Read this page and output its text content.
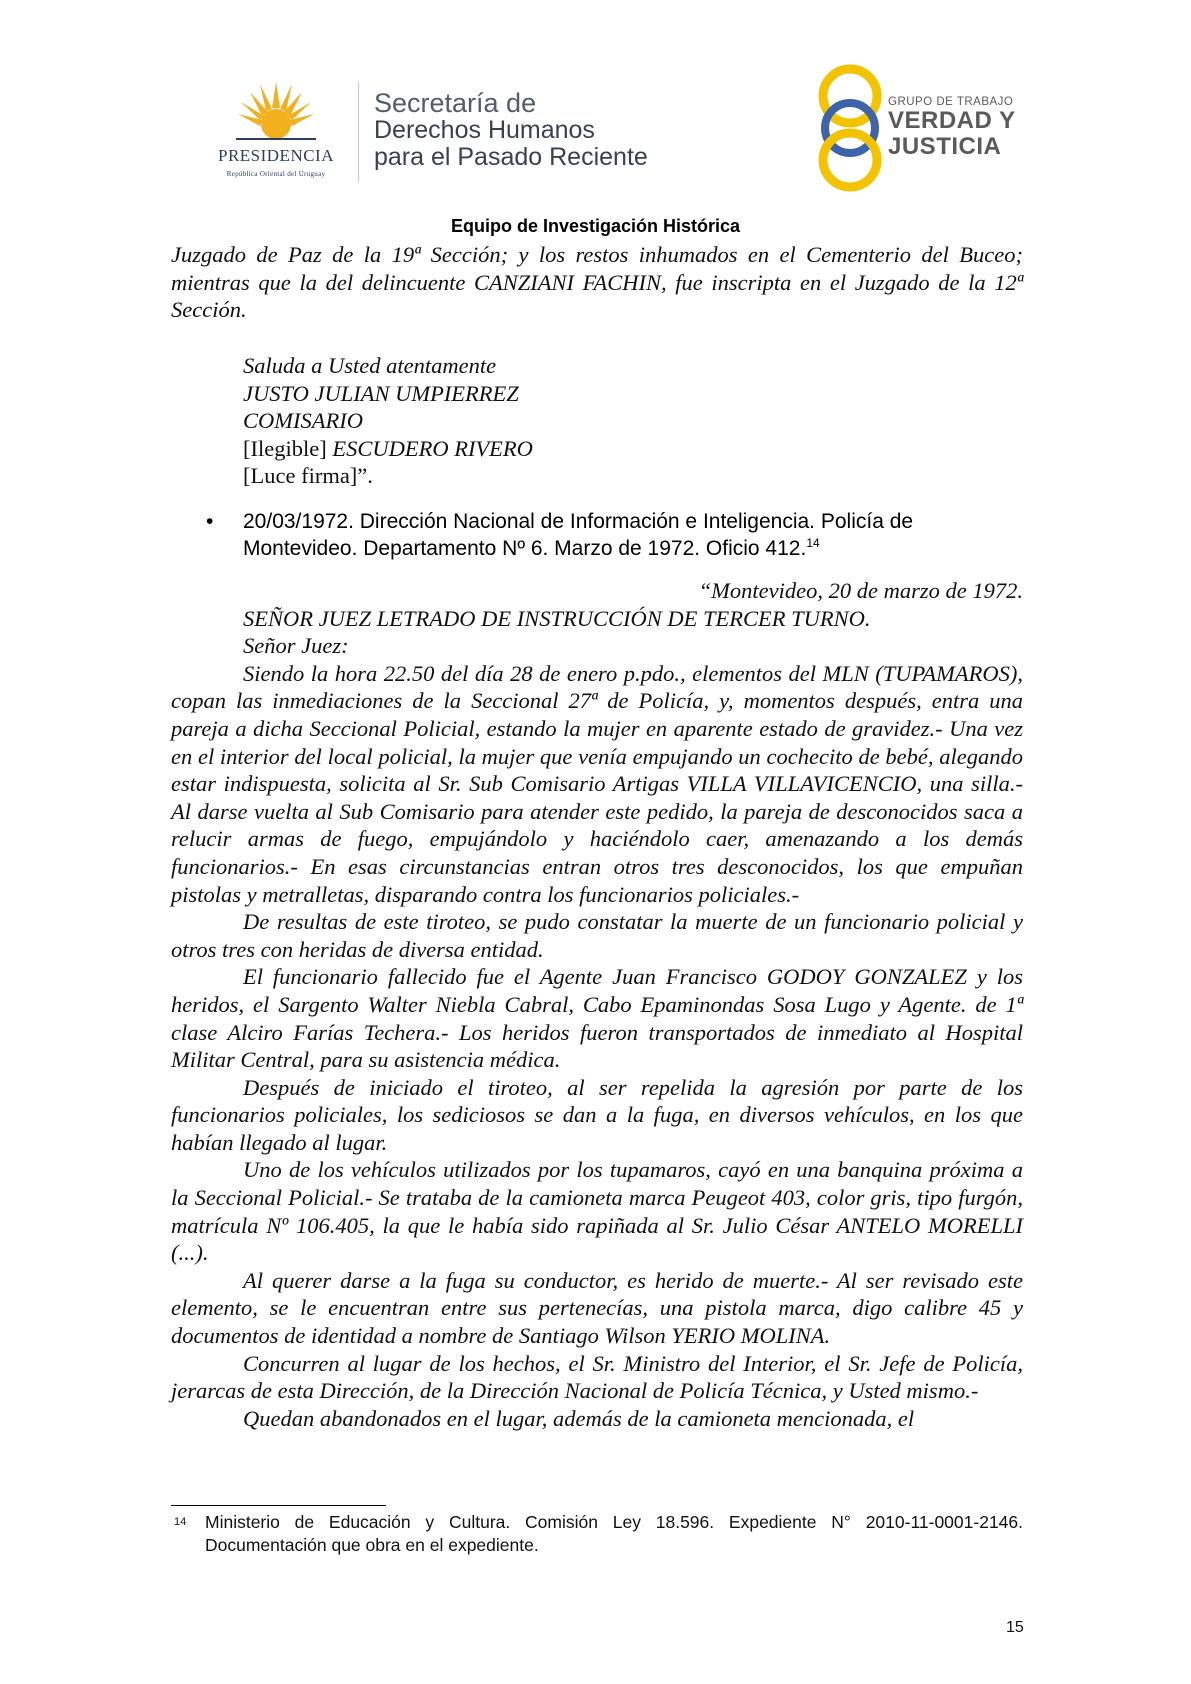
PRESIDENCIA
República Oriental del Uruguay
Secretaría de
Derechos Humanos
para el Pasado Reciente
GRUPO DE TRABAJO
VERDAD Y
JUSTICIA
Equipo de Investigación Histórica

Juzgado de Paz de la 19ª Sección; y los restos inhumados en el Cementerio del Buceo; mientras que la del delincuente CANZIANI FACHIN, fue inscripta en el Juzgado de la 12ª Sección.

Saluda a Usted atentamente
JUSTO JULIAN UMPIERREZ
COMISARIO
[Ilegible] ESCUDERO RIVERO
[Luce firma]”.
• 20/03/1972. Dirección Nacional de Información e Inteligencia. Policía de Montevideo. Departamento Nº 6. Marzo de 1972. Oficio 412.14

“Montevideo, 20 de marzo de 1972.

SEÑOR JUEZ LETRADO DE INSTRUCCIÓN DE TERCER TURNO.

Señor Juez:

Siendo la hora 22.50 del día 28 de enero p.pdo., elementos del MLN (TUPAMAROS), copan las inmediaciones de la Seccional 27ª de Policía, y, momentos después, entra una pareja a dicha Seccional Policial, estando la mujer en aparente estado de gravidez.- Una vez en el interior del local policial, la mujer que venía empujando un cochecito de bebé, alegando estar indispuesta, solicita al Sr. Sub Comisario Artigas VILLA VILLAVICENCIO, una silla.- Al darse vuelta al Sub Comisario para atender este pedido, la pareja de desconocidos saca a relucir armas de fuego, empujándolo y haciéndolo caer, amenazando a los demás funcionarios.- En esas circunstancias entran otros tres desconocidos, los que empuñan pistolas y metralletas, disparando contra los funcionarios policiales.-

De resultas de este tiroteo, se pudo constatar la muerte de un funcionario policial y otros tres con heridas de diversa entidad.

El funcionario fallecido fue el Agente Juan Francisco GODOY GONZALEZ y los heridos, el Sargento Walter Niebla Cabral, Cabo Epaminondas Sosa Lugo y Agente. de 1ª clase Alciro Farías Techera.- Los heridos fueron transportados de inmediato al Hospital Militar Central, para su asistencia médica.

Después de iniciado el tiroteo, al ser repelida la agresión por parte de los funcionarios policiales, los sediciosos se dan a la fuga, en diversos vehículos, en los que habían llegado al lugar.

Uno de los vehículos utilizados por los tupamaros, cayó en una banquina próxima a la Seccional Policial.- Se trataba de la camioneta marca Peugeot 403, color gris, tipo furgón, matrícula Nº 106.405, la que le había sido rapiñada al Sr. Julio César ANTELO MORELLI (...).

Al querer darse a la fuga su conductor, es herido de muerte.- Al ser revisado este elemento, se le encuentran entre sus pertenecías, una pistola marca, digo calibre 45 y documentos de identidad a nombre de Santiago Wilson YERIO MOLINA.

Concurren al lugar de los hechos, el Sr. Ministro del Interior, el Sr. Jefe de Policía, jerarcas de esta Dirección, de la Dirección Nacional de Policía Técnica, y Usted mismo.-

Quedan abandonados en el lugar, además de la camioneta mencionada, el

14 Ministerio de Educación y Cultura. Comisión Ley 18.596. Expediente N° 2010-11-0001-2146. Documentación que obra en el expediente.
15
